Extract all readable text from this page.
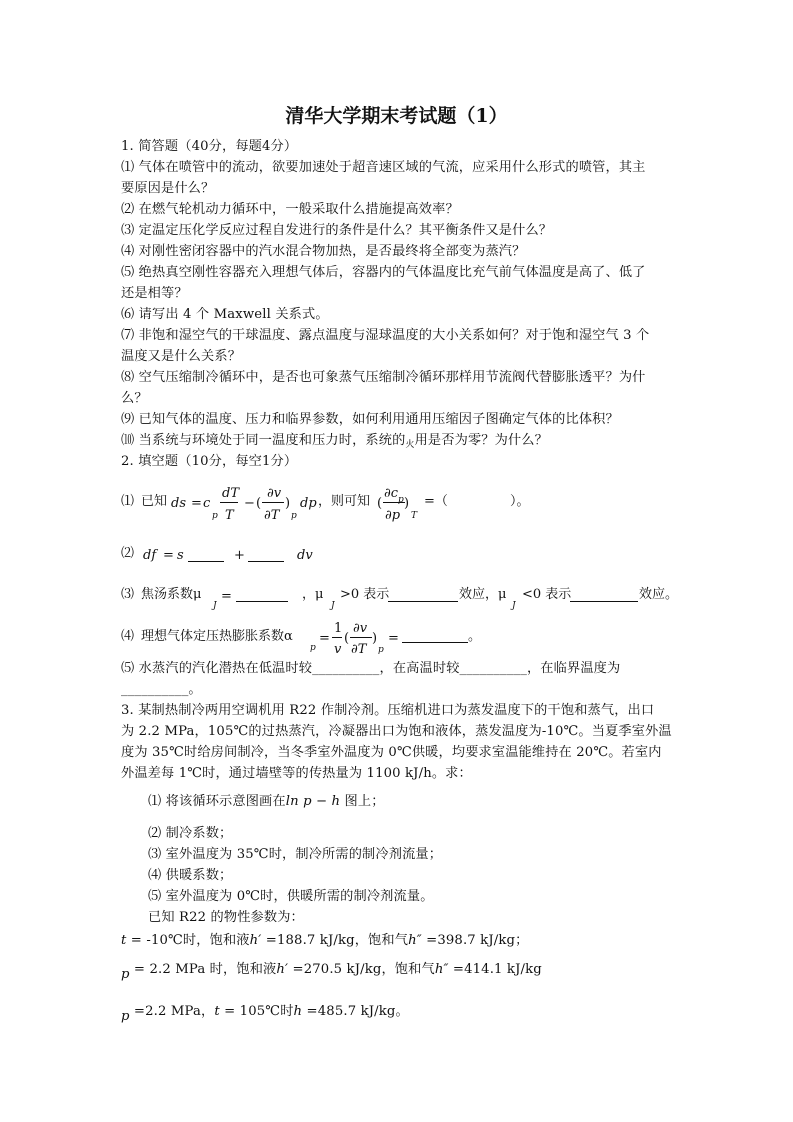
清华大学期末考试题（1）
1. 简答题（40分，每题4分）
⑴ 气体在喷管中的流动，欲要加速处于超音速区域的气流，应采用什么形式的喷管，其主
要原因是什么？
⑵ 在燃气轮机动力循环中，一般采取什么措施提高效率？
⑶ 定温定压化学反应过程自发进行的条件是什么？其平衡条件又是什么？
⑷ 对刚性密闭容器中的汽水混合物加热，是否最终将全部变为蒸汽？
⑸ 绝热真空刚性容器充入理想气体后，容器内的气体温度比充气前气体温度是高了、低了
还是相等？
⑹ 请写出 4 个 Maxwell 关系式。
⑺ 非饱和湿空气的干球温度、露点温度与湿球温度的大小关系如何？对于饱和湿空气 3 个
温度又是什么关系？
⑻ 空气压缩制冷循环中，是否也可象蒸气压缩制冷循环那样用节流阀代替膨胀透平？为什
么？
⑼ 已知气体的温度、压力和临界参数，如何利用通用压缩因子图确定气体的比体积？
⑽ 当系统与环境处于同一温度和压力时，系统的$_火$用是否为零？为什么？
2. 填空题（10分，每空1分）
⑴ 已知 ds = c
p
dT
T
− (
∂v
∂T
)
p
dp ，则可知 (
∂c p
∂p
)
T
=（	）。
⑵ df = s	+	dv
⑶ 焦汤系数μ
J
=	，μ
J
>0 表示	效应，μ
J
<0 表示	效应。
⑷ 理想气体定压热膨胀系数α
p
=
1
v
(
∂v
∂T
)
p
=	。
⑸ 水蒸汽的汽化潜热在低温时较__________，在高温时较__________，在临界温度为
__________。
3. 某制热制冷两用空调机用 R22 作制冷剂。压缩机进口为蒸发温度下的干饱和蒸气，出口
为 2.2 MPa，105℃的过热蒸汽，冷凝器出口为饱和液体，蒸发温度为-10℃。当夏季室外温
度为 35℃时给房间制冷，当冬季室外温度为 0℃供暖，均要求室温能维持在 20℃。若室内
外温差每 1℃时，通过墙壁等的传热量为 1100 kJ/h。求：
⑴ 将该循环示意图画在ln p − h 图上；
⑵ 制冷系数；
⑶ 室外温度为 35℃时，制冷所需的制冷剂流量；
⑷ 供暖系数；
⑸ 室外温度为 0℃时，供暖所需的制冷剂流量。
已知 R22 的物性参数为：
t = -10℃时，饱和液h′ =188.7 kJ/kg，饱和气h″ =398.7 kJ/kg；
p = 2.2 MPa 时，饱和液h′ =270.5 kJ/kg，饱和气h″ =414.1 kJ/kg
p =2.2 MPa，t = 105℃时h =485.7 kJ/kg。
